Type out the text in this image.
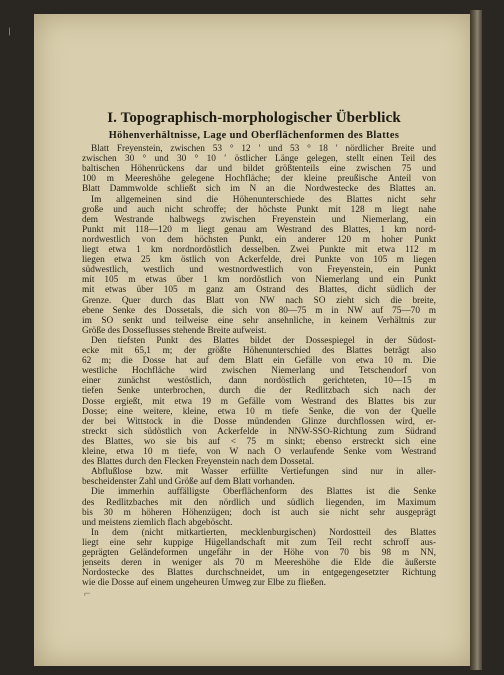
/
I. Topographisch-morphologischer Überblick
Höhenverhältnisse, Lage und Oberflächenformen des Blattes
Blatt Freyenstein, zwischen 53 ° 12 ′ und 53 ° 18 ′ nördlicher Breite und
zwischen 30 ° und 30 ° 10 ′ östlicher Länge gelegen, stellt einen Teil des
baltischen Höhenrückens dar und bildet größtenteils eine zwischen 75 und
100 m Meereshöhe gelegene Hochfläche; der kleine preußische Anteil von
Blatt Dammwolde schließt sich im N an die Nordwestecke des Blattes an.
Im allgemeinen sind die Höhenunterschiede des Blattes nicht sehr
große und auch nicht schroffe; der höchste Punkt mit 128 m liegt nahe
dem Westrande halbwegs zwischen Freyenstein und Niemerlang, ein
Punkt mit 118—120 m liegt genau am Westrand des Blattes, 1 km nord-
nordwestlich von dem höchsten Punkt, ein anderer 120 m hoher Punkt
liegt etwa 1 km nordnordöstlich desselben. Zwei Punkte mit etwa 112 m
liegen etwa 25 km östlich von Ackerfelde, drei Punkte von 105 m liegen
südwestlich, westlich und westnordwestlich von Freyenstein, ein Punkt
mit 105 m etwas über 1 km nordöstlich von Niemerlang und ein Punkt
mit etwas über 105 m ganz am Ostrand des Blattes, dicht südlich der
Grenze. Quer durch das Blatt von NW nach SO zieht sich die breite,
ebene Senke des Dossetals, die sich von 80—75 m in NW auf 75—70 m
im SO senkt und teilweise eine sehr ansehnliche, in keinem Verhältnis zur
Größe des Dosseflusses stehende Breite aufweist.
Den tiefsten Punkt des Blattes bildet der Dossespiegel in der Südost-
ecke mit 65,1 m; der größte Höhenunterschied des Blattes beträgt also
62 m; die Dosse hat auf dem Blatt ein Gefälle von etwa 10 m. Die
westliche Hochfläche wird zwischen Niemerlang und Tetschendorf von
einer zunächst westöstlich, dann nordöstlich gerichteten, 10—15 m
tiefen Senke unterbrochen, durch die der Redlitzbach sich nach der
Dosse ergießt, mit etwa 19 m Gefälle vom Westrand des Blattes bis zur
Dosse; eine weitere, kleine, etwa 10 m tiefe Senke, die von der Quelle
der bei Wittstock in die Dosse mündenden Glinze durchflossen wird, er-
streckt sich südöstlich von Ackerfelde in NNW-SSO-Richtung zum Südrand
des Blattes, wo sie bis auf < 75 m sinkt; ebenso erstreckt sich eine
kleine, etwa 10 m tiefe, von W nach O verlaufende Senke vom Westrand
des Blattes durch den Flecken Freyenstein nach dem Dossetal.
Abflußlose bzw. mit Wasser erfüllte Vertiefungen sind nur in aller-
bescheidenster Zahl und Größe auf dem Blatt vorhanden.
Die immerhin auffälligste Oberflächenform des Blattes ist die Senke
des Redlitzbaches mit den nördlich und südlich liegenden, im Maximum
bis 30 m höheren Höhenzügen; doch ist auch sie nicht sehr ausgeprägt
und meistens ziemlich flach abgeböscht.
In dem (nicht mitkartierten, mecklenburgischen) Nordostteil des Blattes
liegt eine sehr kuppige Hügellandschaft mit zum Teil recht schroff aus-
geprägten Geländeformen ungefähr in der Höhe von 70 bis 98 m NN,
jenseits deren in weniger als 70 m Meereshöhe die Elde die äußerste
Nordostecke des Blattes durchschneidet, um in entgegengesetzter Richtung
wie die Dosse auf einem ungeheuren Umweg zur Elbe zu fließen.
⌐
